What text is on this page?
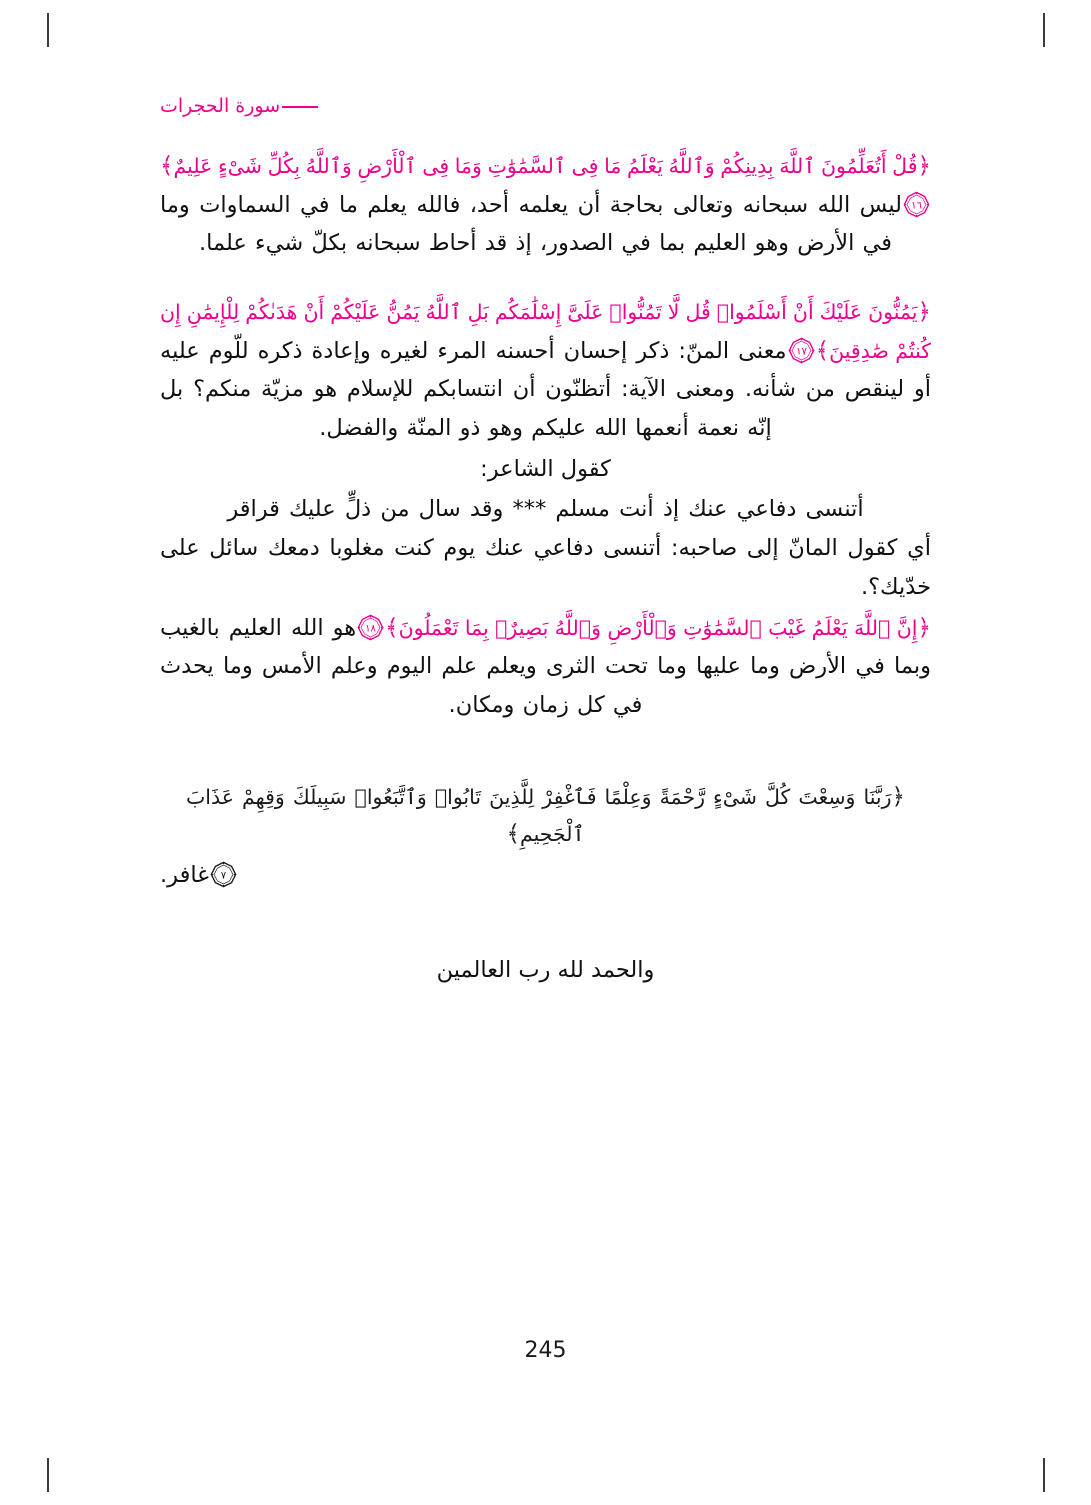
سورة الحجرات

﴿قُلْ أَتُعَلِّمُونَ ٱللَّهَ بِدِينِكُمْ وَٱللَّهُ يَعْلَمُ مَا فِى ٱلسَّمَٰوَٰتِ وَمَا فِى ٱلْأَرْضِ وَٱللَّهُ بِكُلِّ شَىْءٍ عَلِيمٌ﴾
١٦
ليس الله سبحانه وتعالى بحاجة أن يعلمه أحد، فالله يعلم ما في السماوات وما في الأرض وهو العليم بما في الصدور، إذ قد أحاط سبحانه بكلّ شيء علما.

﴿يَمُنُّونَ عَلَيْكَ أَنْ أَسْلَمُوا۟ قُل لَّا تَمُنُّوا۟ عَلَىَّ إِسْلَٰمَكُم بَلِ ٱللَّهُ يَمُنُّ عَلَيْكُمْ أَنْ هَدَىٰكُمْ لِلْإِيمَٰنِ إِن كُنتُمْ صَٰدِقِينَ﴾
١٧
معنى المنّ: ذكر إحسان أحسنه المرء لغيره وإعادة ذكره للّوم عليه أو لينقص من شأنه. ومعنى الآية: أتظنّون أن انتسابكم للإسلام هو مزيّة منكم؟ بل إنّه نعمة أنعمها الله عليكم وهو ذو المنّة والفضل.

كقول الشاعر:

أتنسى دفاعي عنك إذ أنت مسلم *** وقد سال من ذلٍّ عليك قراقر

أي كقول المانّ إلى صاحبه: أتنسى دفاعي عنك يوم كنت مغلوبا دمعك سائل على خدّيك؟.

﴿إِنَّ ٱللَّهَ يَعْلَمُ غَيْبَ ٱلسَّمَٰوَٰتِ وَٱلْأَرْضِ وَٱللَّهُ بَصِيرٌۢ بِمَا تَعْمَلُونَ﴾
١٨
هو الله العليم بالغيب وبما في الأرض وما عليها وما تحت الثرى ويعلم علم اليوم وعلم الأمس وما يحدث في كل زمان ومكان.

﴿رَبَّنَا وَسِعْتَ كُلَّ شَىْءٍ رَّحْمَةً وَعِلْمًا فَٱغْفِرْ لِلَّذِينَ تَابُوا۟ وَٱتَّبَعُوا۟ سَبِيلَكَ وَقِهِمْ عَذَابَ ٱلْجَحِيمِ﴾

٧
غافر.

والحمد لله رب العالمين

245
